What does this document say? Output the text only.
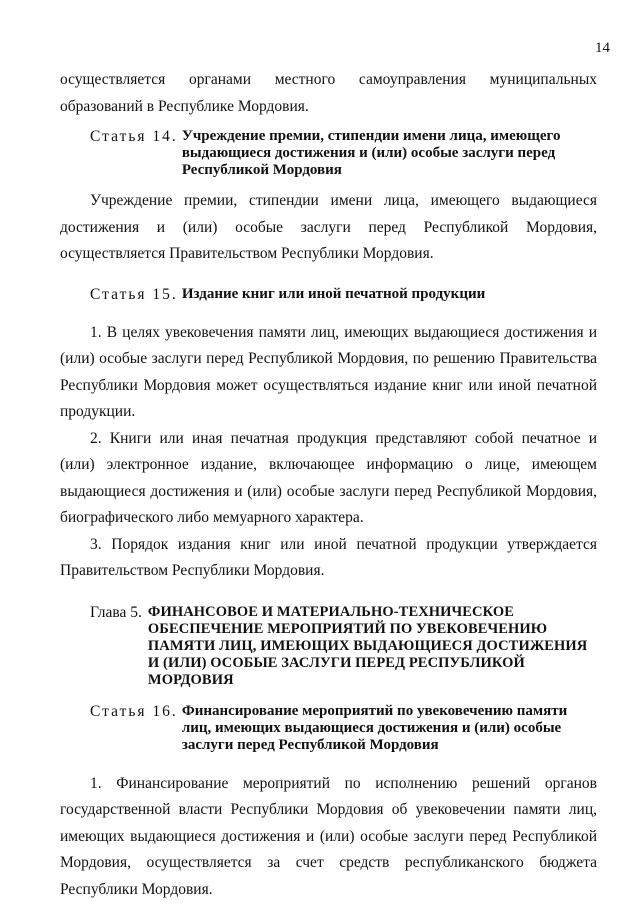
14

осуществляется органами местного самоуправления муниципальных образований в Республике Мордовия.

Статья 14. Учреждение премии, стипендии имени лица, имеющего выдающиеся достижения и (или) особые заслуги перед Республикой Мордовия

Учреждение премии, стипендии имени лица, имеющего выдающиеся достижения и (или) особые заслуги перед Республикой Мордовия, осуществляется Правительством Республики Мордовия.

Статья 15. Издание книг или иной печатной продукции

1. В целях увековечения памяти лиц, имеющих выдающиеся достижения и (или) особые заслуги перед Республикой Мордовия, по решению Правительства Республики Мордовия может осуществляться издание книг или иной печатной продукции.

2. Книги или иная печатная продукция представляют собой печатное и (или) электронное издание, включающее информацию о лице, имеющем выдающиеся достижения и (или) особые заслуги перед Республикой Мордовия, биографического либо мемуарного характера.

3. Порядок издания книг или иной печатной продукции утверждается Правительством Республики Мордовия.

Глава 5. ФИНАНСОВОЕ И МАТЕРИАЛЬНО-ТЕХНИЧЕСКОЕ ОБЕСПЕЧЕНИЕ МЕРОПРИЯТИЙ ПО УВЕКОВЕЧЕНИЮ ПАМЯТИ ЛИЦ, ИМЕЮЩИХ ВЫДАЮЩИЕСЯ ДОСТИЖЕНИЯ И (ИЛИ) ОСОБЫЕ ЗАСЛУГИ ПЕРЕД РЕСПУБЛИКОЙ МОРДОВИЯ
Статья 16. Финансирование мероприятий по увековечению памяти лиц, имеющих выдающиеся достижения и (или) особые заслуги перед Республикой Мордовия

1. Финансирование мероприятий по исполнению решений органов государственной власти Республики Мордовия об увековечении памяти лиц, имеющих выдающиеся достижения и (или) особые заслуги перед Республикой Мордовия, осуществляется за счет средств республиканского бюджета Республики Мордовия.
